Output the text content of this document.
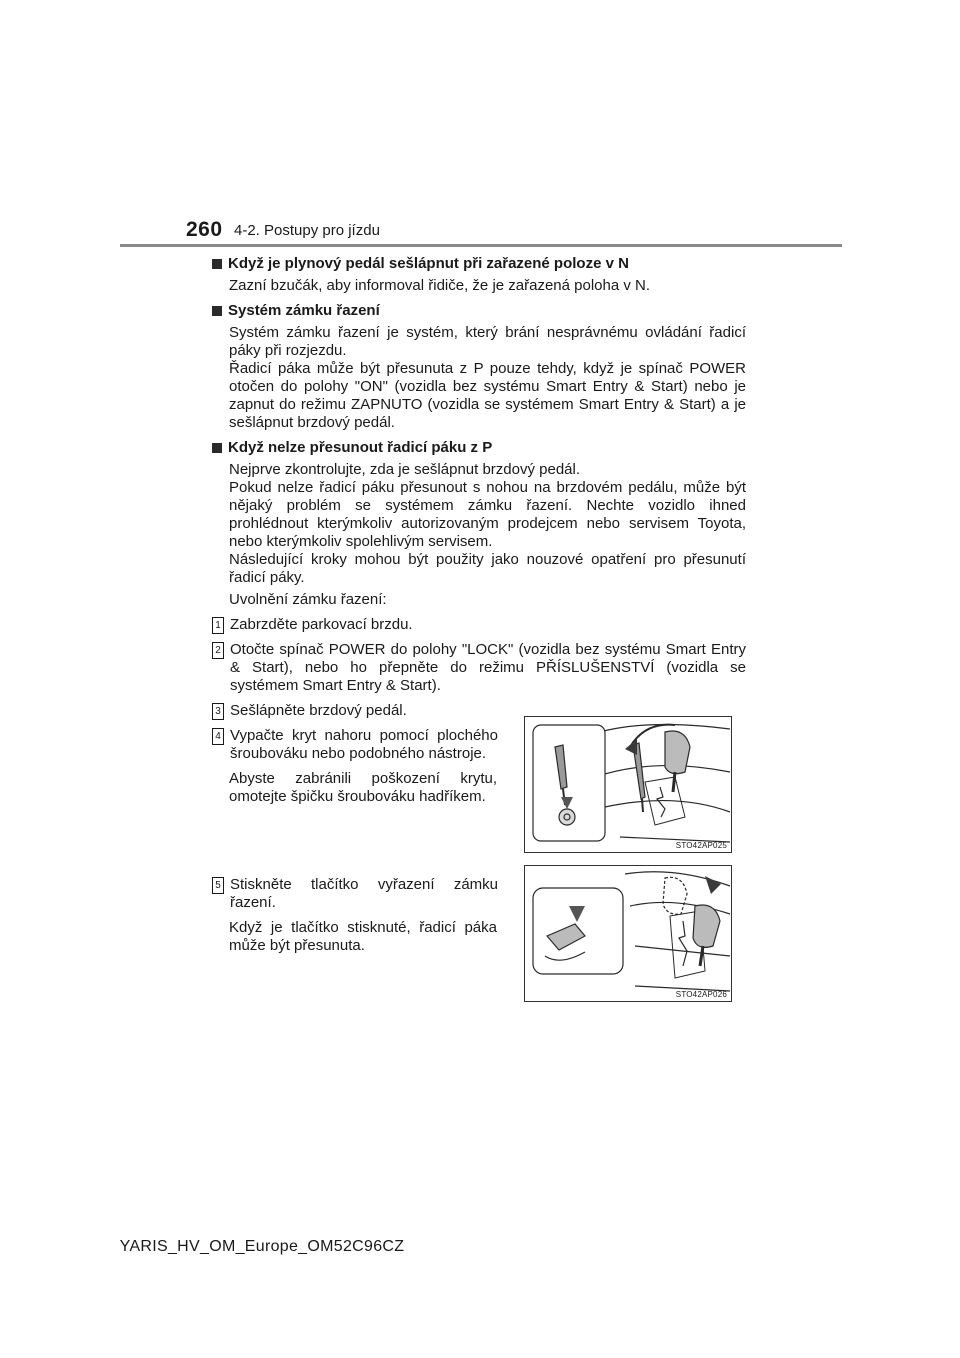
260 4-2. Postupy pro jízdu
Když je plynový pedál sešlápnut při zařazené poloze v N

Zazní bzučák, aby informoval řidiče, že je zařazená poloha v N.

Systém zámku řazení

Systém zámku řazení je systém, který brání nesprávnému ovládání řadicí páky při rozjezdu.

Řadicí páka může být přesunuta z P pouze tehdy, když je spínač POWER otočen do polohy "ON" (vozidla bez systému Smart Entry & Start) nebo je zapnut do režimu ZAPNUTO (vozidla se systémem Smart Entry & Start) a je sešlápnut brzdový pedál.

Když nelze přesunout řadicí páku z P

Nejprve zkontrolujte, zda je sešlápnut brzdový pedál.

Pokud nelze řadicí páku přesunout s nohou na brzdovém pedálu, může být nějaký problém se systémem zámku řazení. Nechte vozidlo ihned prohlédnout kterýmkoliv autorizovaným prodejcem nebo servisem Toyota, nebo kterýmkoliv spolehlivým servisem.

Následující kroky mohou být použity jako nouzové opatření pro přesunutí řadicí páky.

Uvolnění zámku řazení:

1 Zabrzděte parkovací brzdu.
2 Otočte spínač POWER do polohy "LOCK" (vozidla bez systému Smart Entry & Start), nebo ho přepněte do režimu PŘÍSLUŠENSTVÍ (vozidla se systémem Smart Entry & Start).
3 Sešlápněte brzdový pedál.
4 Vypačte kryt nahoru pomocí plochého šroubováku nebo podobného nástroje.

Abyste zabránili poškození krytu, omotejte špičku šroubováku hadříkem.

5 Stiskněte tlačítko vyřazení zámku řazení.

Když je tlačítko stisknuté, řadicí páka může být přesunuta.

STO42AP025
STO42AP026
YARIS_HV_OM_Europe_OM52C96CZ
